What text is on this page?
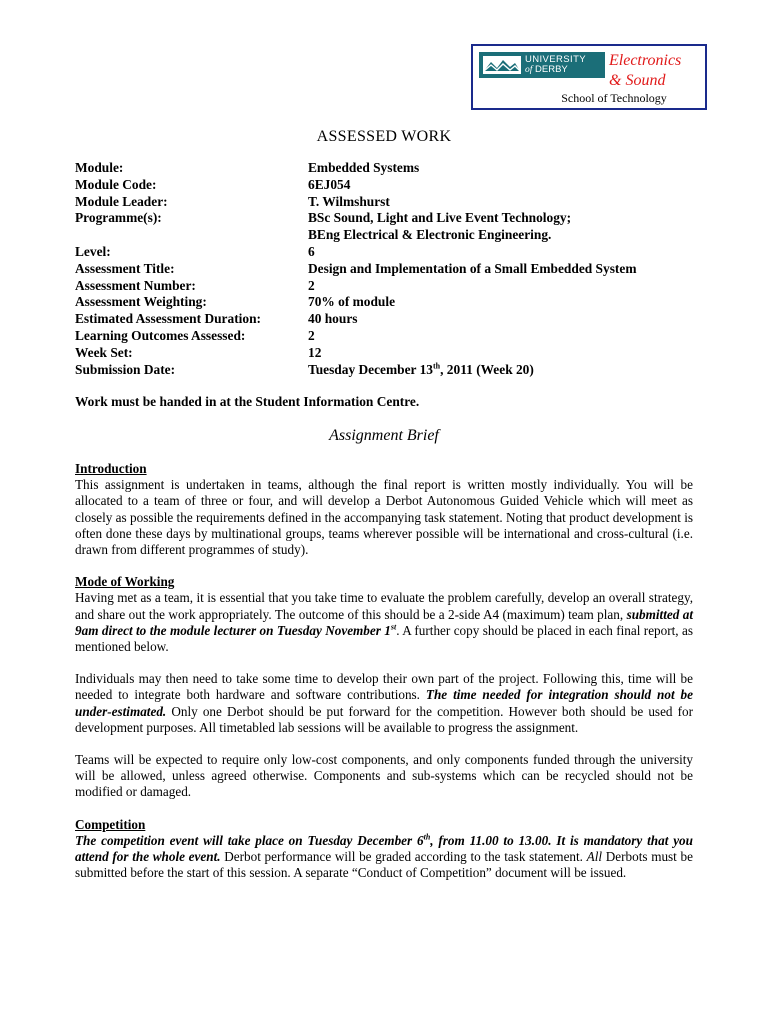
UNIVERSITY
of DERBY
Electronics
& Sound
School of Technology
ASSESSED WORK
Module:	Embedded Systems
Module Code:	6EJ054
Module Leader:	T. Wilmshurst
Programme(s):	BSc Sound, Light and Live Event Technology;
BEng Electrical & Electronic Engineering.
Level:	6
Assessment Title:	Design and Implementation of a Small Embedded System
Assessment Number:	2
Assessment Weighting:	70% of module
Estimated Assessment Duration:	40 hours
Learning Outcomes Assessed:	2
Week Set:	12
Submission Date:	Tuesday December 13th, 2011 (Week 20)
Work must be handed in at the Student Information Centre.
Assignment Brief
Introduction

This assignment is undertaken in teams, although the final report is written mostly individually. You will be allocated to a team of three or four, and will develop a Derbot Autonomous Guided Vehicle which will meet as closely as possible the requirements defined in the accompanying task statement. Noting that product development is often done these days by multinational groups, teams wherever possible will be international and cross-cultural (i.e. drawn from different programmes of study).

Mode of Working

Having met as a team, it is essential that you take time to evaluate the problem carefully, develop an overall strategy, and share out the work appropriately. The outcome of this should be a 2-side A4 (maximum) team plan, submitted at 9am direct to the module lecturer on Tuesday November 1st. A further copy should be placed in each final report, as mentioned below.

Individuals may then need to take some time to develop their own part of the project. Following this, time will be needed to integrate both hardware and software contributions. The time needed for integration should not be under-estimated. Only one Derbot should be put forward for the competition. However both should be used for development purposes. All timetabled lab sessions will be available to progress the assignment.

Teams will be expected to require only low-cost components, and only components funded through the university will be allowed, unless agreed otherwise. Components and sub-systems which can be recycled should not be modified or damaged.

Competition

The competition event will take place on Tuesday December 6th, from 11.00 to 13.00. It is mandatory that you attend for the whole event. Derbot performance will be graded according to the task statement. All Derbots must be submitted before the start of this session. A separate “Conduct of Competition” document will be issued.
